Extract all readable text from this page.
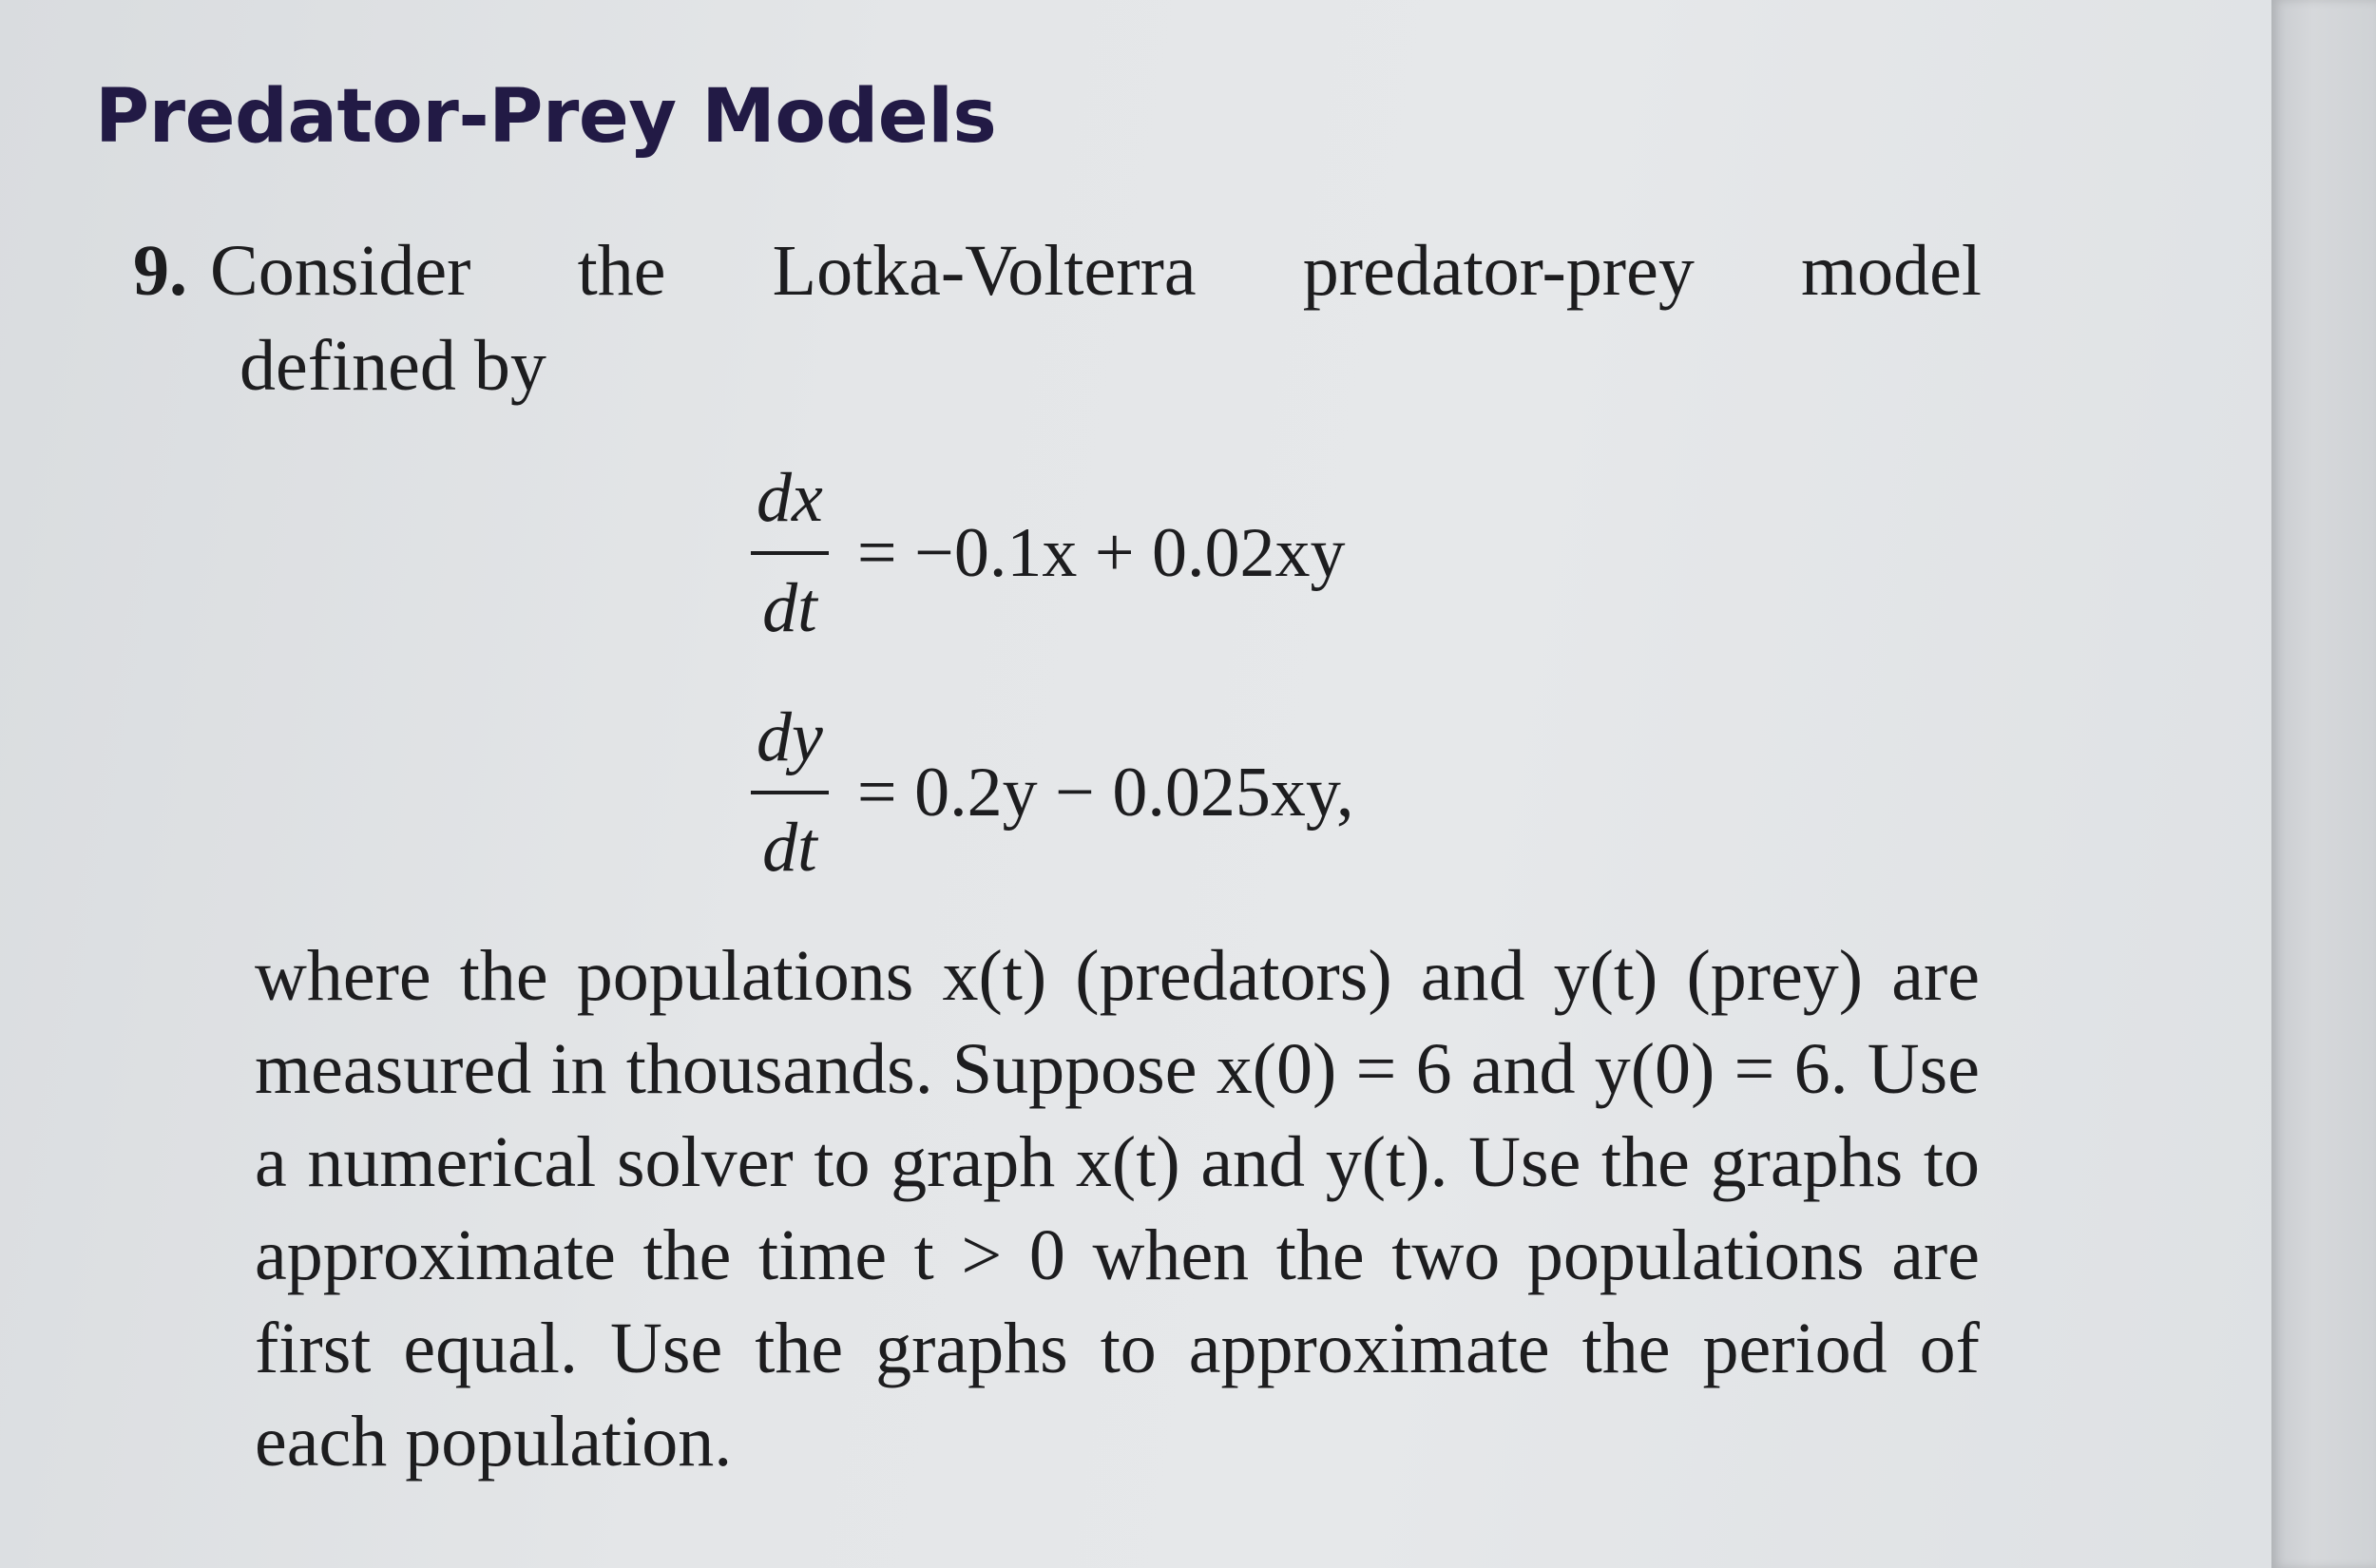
Predator-Prey Models
9. Consider the Lotka-Volterra predator-prey model
defined by
$\frac{dx}{dt} = -0.1x + 0.02xy$
$\frac{dy}{dt} = 0.2y - 0.025xy$,

where the populations x(t) (predators) and y(t) (prey) are measured in thousands. Suppose x(0) = 6 and y(0) = 6. Use a numerical solver to graph x(t) and y(t). Use the graphs to approximate the time t > 0 when the two populations are first equal. Use the graphs to approximate the period of each population.
